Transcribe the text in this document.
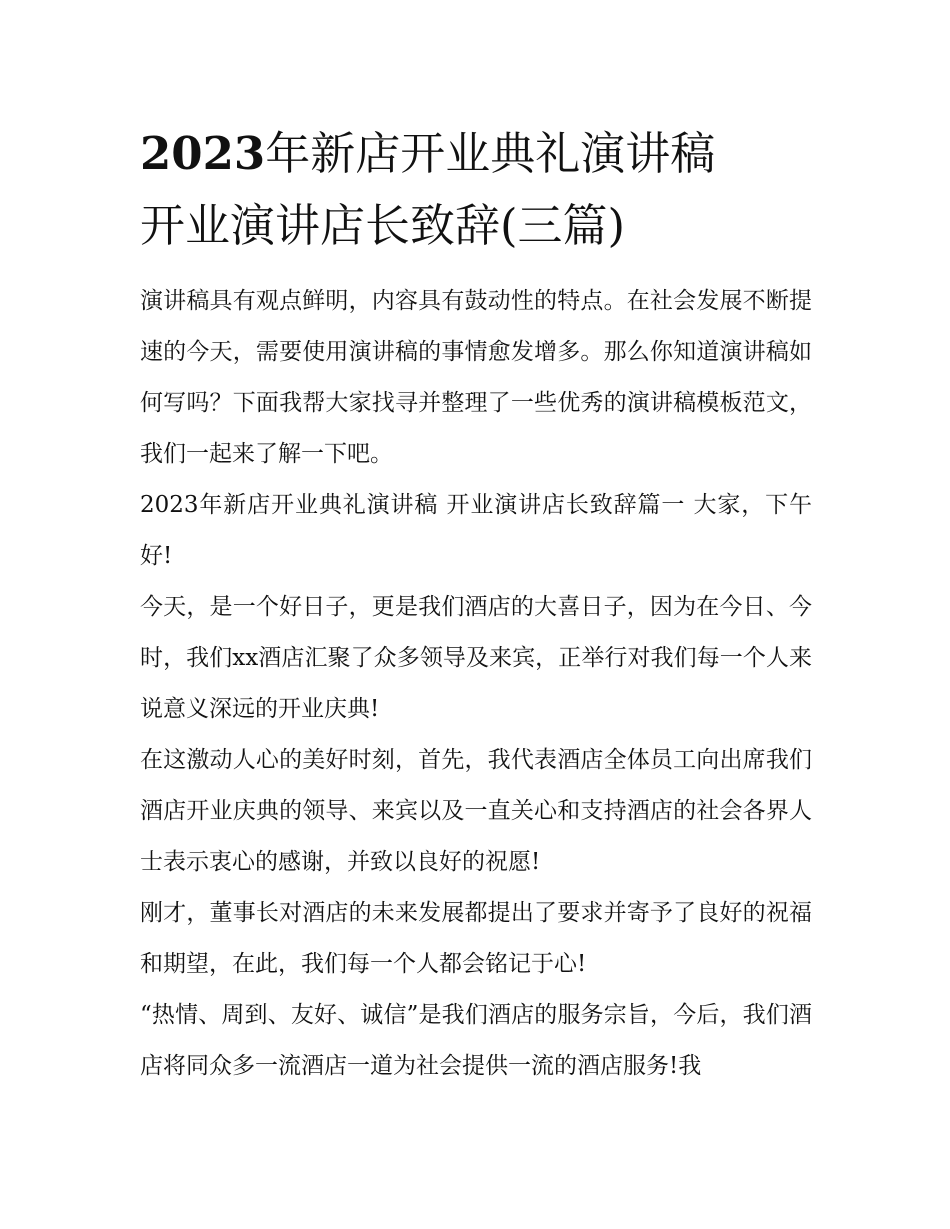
2023年新店开业典礼演讲稿
开业演讲店长致辞(三篇)

演讲稿具有观点鲜明，内容具有鼓动性的特点。在社会发展不断提速的今天，需要使用演讲稿的事情愈发增多。那么你知道演讲稿如何写吗？下面我帮大家找寻并整理了一些优秀的演讲稿模板范文，我们一起来了解一下吧。

2023年新店开业典礼演讲稿 开业演讲店长致辞篇一 大家，下午好!

今天，是一个好日子，更是我们酒店的大喜日子，因为在今日、今时，我们xx酒店汇聚了众多领导及来宾，正举行对我们每一个人来说意义深远的开业庆典!

在这激动人心的美好时刻，首先，我代表酒店全体员工向出席我们酒店开业庆典的领导、来宾以及一直关心和支持酒店的社会各界人士表示衷心的感谢，并致以良好的祝愿!

刚才，董事长对酒店的未来发展都提出了要求并寄予了良好的祝福和期望，在此，我们每一个人都会铭记于心!

“热情、周到、友好、诚信”是我们酒店的服务宗旨，今后，我们酒店将同众多一流酒店一道为社会提供一流的酒店服务!我
